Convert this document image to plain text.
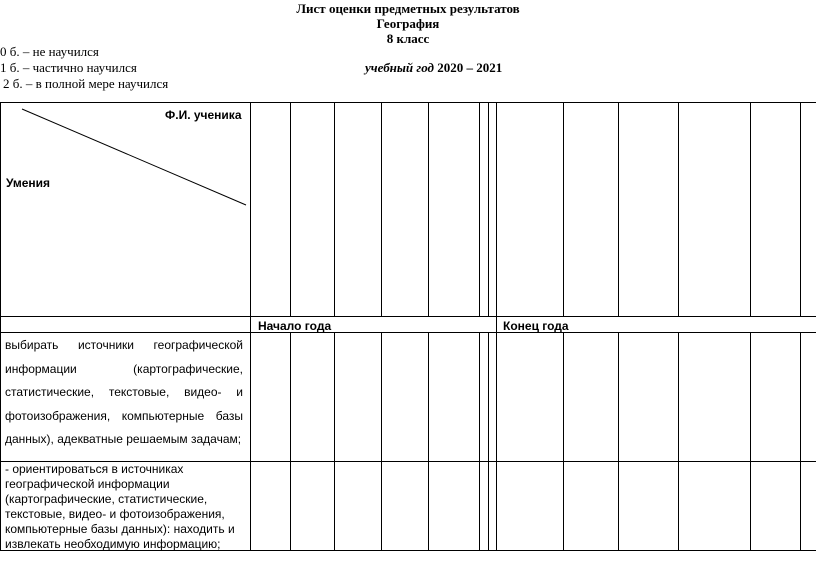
Лист оценки предметных результатов
География
8 класс
0 б. – не научился
1 б. – частично научился
2 б. – в полной мере научился
учебный год 2020 – 2021
Ф.И. ученика
Умения
Начало года	Конец года
выбирать источники географической информации (картографические, статистические, текстовые, видео- и фотоизображения, компьютерные базы данных), адекватные решаемым задачам;
- ориентироваться в источниках географической информации (картографические, статистические, текстовые, видео- и фотоизображения, компьютерные базы данных): находить и извлекать необходимую информацию;
